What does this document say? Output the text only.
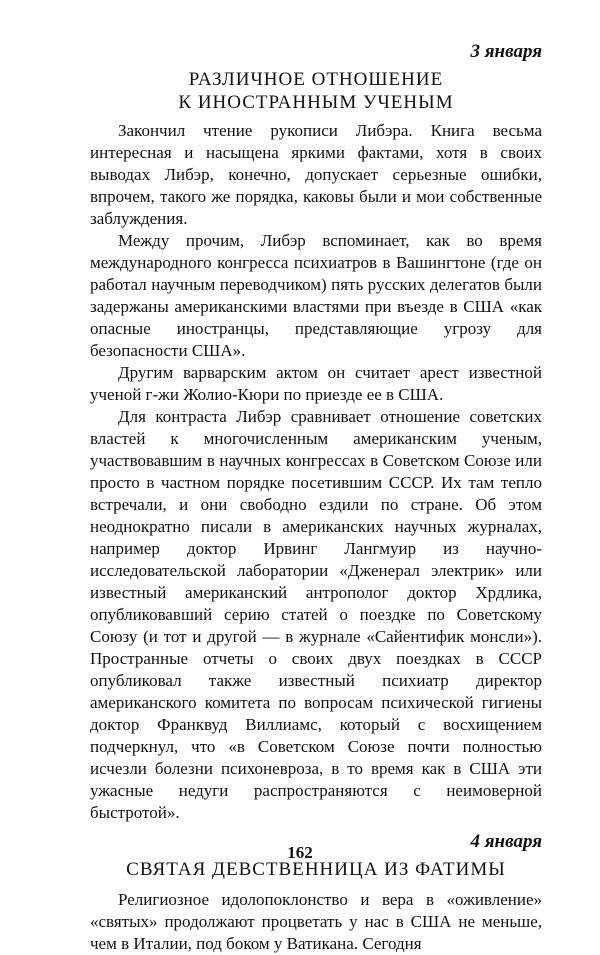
3 января

РАЗЛИЧНОЕ ОТНОШЕНИЕ
К ИНОСТРАННЫМ УЧЕНЫМ

Закончил чтение рукописи Либэра. Книга весьма интересная и насыщена яркими фактами, хотя в своих выводах Либэр, конечно, допускает серьезные ошибки, впрочем, такого же порядка, каковы были и мои собственные заблуждения.

Между прочим, Либэр вспоминает, как во время международного конгресса психиатров в Вашингтоне (где он работал научным переводчиком) пять русских делегатов были задержаны американскими властями при въезде в США «как опасные иностранцы, представляющие угрозу для безопасности США».

Другим варварским актом он считает арест известной ученой г-жи Жолио-Кюри по приезде ее в США.

Для контраста Либэр сравнивает отношение советских властей к многочисленным американским ученым, участвовавшим в научных конгрессах в Советском Союзе или просто в частном порядке посетившим СССР. Их там тепло встречали, и они свободно ездили по стране. Об этом неоднократно писали в американских научных журналах, например доктор Ирвинг Лангмуир из научно-исследовательской лаборатории «Дженерал электрик» или известный американский антрополог доктор Хрдлика, опубликовавший серию статей о поездке по Советскому Союзу (и тот и другой — в журнале «Сайентифик монсли»). Пространные отчеты о своих двух поездках в СССР опубликовал также известный психиатр директор американского комитета по вопросам психической гигиены доктор Франквуд Виллиамс, который с восхищением подчеркнул, что «в Советском Союзе почти полностью исчезли болезни психоневроза, в то время как в США эти ужасные недуги распространяются с неимоверной быстротой».

4 января

СВЯТАЯ ДЕВСТВЕННИЦА ИЗ ФАТИМЫ

Религиозное идолопоклонство и вера в «оживление» «святых» продолжают процветать у нас в США не меньше, чем в Италии, под боком у Ватикана. Сегодня

162
